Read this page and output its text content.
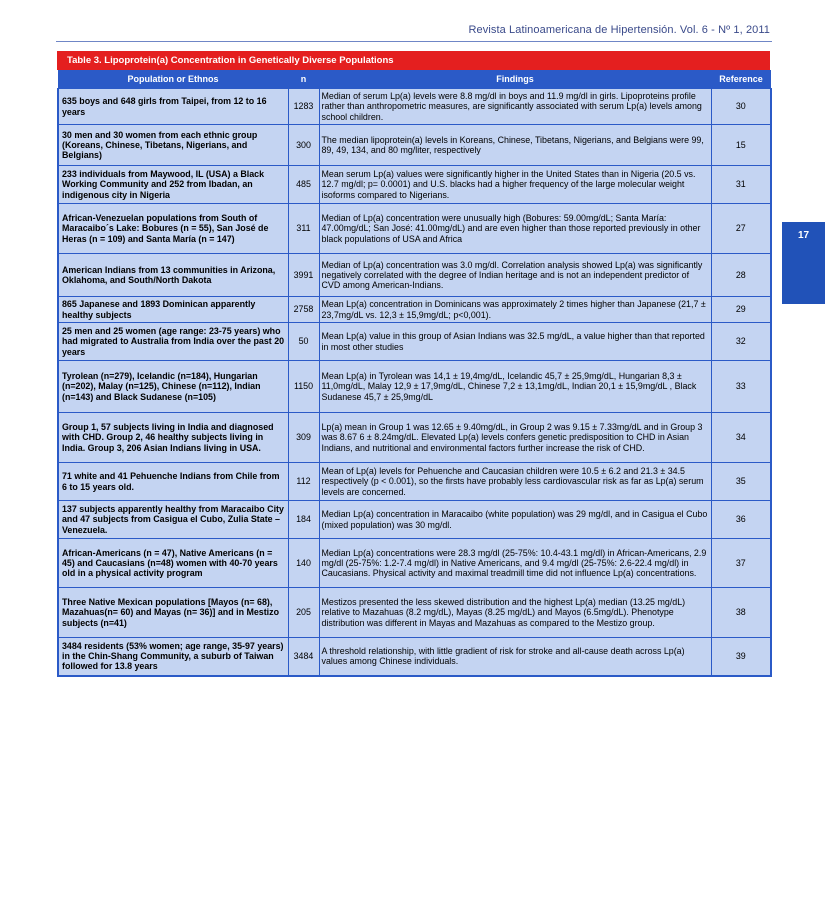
Revista Latinoamericana de Hipertensión. Vol. 6 - Nº 1, 2011
17
Table 3. Lipoprotein(a) Concentration in Genetically Diverse Populations
Population or Ethnos	n	Findings	Reference
635 boys and 648 girls from Taipei, from 12 to 16 years	1283	Median of serum Lp(a) levels were 8.8 mg/dl in boys and 11.9 mg/dl in girls. Lipoproteins profile rather than anthropometric measures, are significantly associated with serum Lp(a) levels among school children.	30
30 men and 30 women from each ethnic group (Koreans, Chinese, Tibetans, Nigerians, and Belgians)	300	The median lipoprotein(a) levels in Koreans, Chinese, Tibetans, Nigerians, and Belgians were 99, 89, 49, 134, and 80 mg/liter, respectively	15
233 individuals from Maywood, IL (USA) a Black Working Community and 252 from Ibadan, an indigenous city in Nigeria	485	Mean serum Lp(a) values were significantly higher in the United States than in Nigeria (20.5 vs. 12.7 mg/dl; p= 0.0001) and U.S. blacks had a higher frequency of the large molecular weight isoforms compared to Nigerians.	31
African-Venezuelan populations from South of Maracaibo´s Lake: Bobures (n = 55), San José de Heras (n = 109) and Santa María (n = 147)	311	Median of Lp(a) concentration were unusually high (Bobures: 59.00mg/dL; Santa María: 47.00mg/dL; San José: 41.00mg/dL) and are even higher than those reported previously in other black populations of USA and Africa	27
American Indians from 13 communities in Arizona, Oklahoma, and South/North Dakota	3991	Median of Lp(a) concentration was 3.0 mg/dl. Correlation analysis showed Lp(a) was significantly negatively correlated with the degree of Indian heritage and is not an independent predictor of CVD among American-Indians.	28
865 Japanese and 1893 Dominican apparently healthy subjects	2758	Mean Lp(a) concentration in Dominicans was approximately 2 times higher than Japanese (21,7 ± 23,7mg/dL vs. 12,3 ± 15,9mg/dL; p<0,001).	29
25 men and 25 women (age range: 23-75 years) who had migrated to Australia from India over the past 20 years	50	Mean Lp(a) value in this group of Asian Indians was 32.5 mg/dL, a value higher than that reported in most other studies	32
Tyrolean (n=279), Icelandic (n=184), Hungarian (n=202), Malay (n=125), Chinese (n=112), Indian (n=143) and Black Sudanese (n=105)	1150	Mean Lp(a) in Tyrolean was 14,1 ± 19,4mg/dL, Icelandic 45,7 ± 25,9mg/dL, Hungarian 8,3 ± 11,0mg/dL, Malay 12,9 ± 17,9mg/dL, Chinese 7,2 ± 13,1mg/dL, Indian 20,1 ± 15,9mg/dL , Black Sudanese 45,7 ± 25,9mg/dL	33
Group 1, 57 subjects living in India and diagnosed with CHD. Group 2, 46 healthy subjects living in India. Group 3, 206 Asian Indians living in USA.	309	Lp(a) mean in Group 1 was 12.65 ± 9.40mg/dL, in Group 2 was 9.15 ± 7.33mg/dL and in Group 3 was 8.67 6 ± 8.24mg/dL. Elevated Lp(a) levels confers genetic predisposition to CHD in Asian Indians, and nutritional and environmental factors further increase the risk of CHD.	34
71 white and 41 Pehuenche Indians from Chile from 6 to 15 years old.	112	Mean of Lp(a) levels for Pehuenche and Caucasian children were 10.5 ± 6.2 and 21.3 ± 34.5 respectively (p < 0.001), so the firsts have probably less cardiovascular risk as far as Lp(a) serum levels are concerned.	35
137 subjects apparently healthy from Maracaibo City and 47 subjects from Casigua el Cubo, Zulia State – Venezuela.	184	Median Lp(a) concentration in Maracaibo (white population) was 29 mg/dl, and in Casigua el Cubo (mixed population) was 30 mg/dl.	36
African-Americans (n = 47), Native Americans (n = 45) and Caucasians (n=48) women with 40-70 years old in a physical activity program	140	Median Lp(a) concentrations were 28.3 mg/dl (25-75%: 10.4-43.1 mg/dl) in African-Americans, 2.9 mg/dl (25-75%: 1.2-7.4 mg/dl) in Native Americans, and 9.4 mg/dl (25-75%: 2.6-22.4 mg/dl) in Caucasians. Physical activity and maximal treadmill time did not influence Lp(a) concentrations.	37
Three Native Mexican populations [Mayos (n= 68), Mazahuas(n= 60) and Mayas (n= 36)] and in Mestizo subjects (n=41)	205	Mestizos presented the less skewed distribution and the highest Lp(a) median (13.25 mg/dL) relative to Mazahuas (8.2 mg/dL), Mayas (8.25 mg/dL) and Mayos (6.5mg/dL). Phenotype distribution was different in Mayas and Mazahuas as compared to the Mestizo group.	38
3484 residents (53% women; age range, 35-97 years) in the Chin-Shang Community, a suburb of Taiwan followed for 13.8 years	3484	A threshold relationship, with little gradient of risk for stroke and all-cause death across Lp(a) values among Chinese individuals.	39
